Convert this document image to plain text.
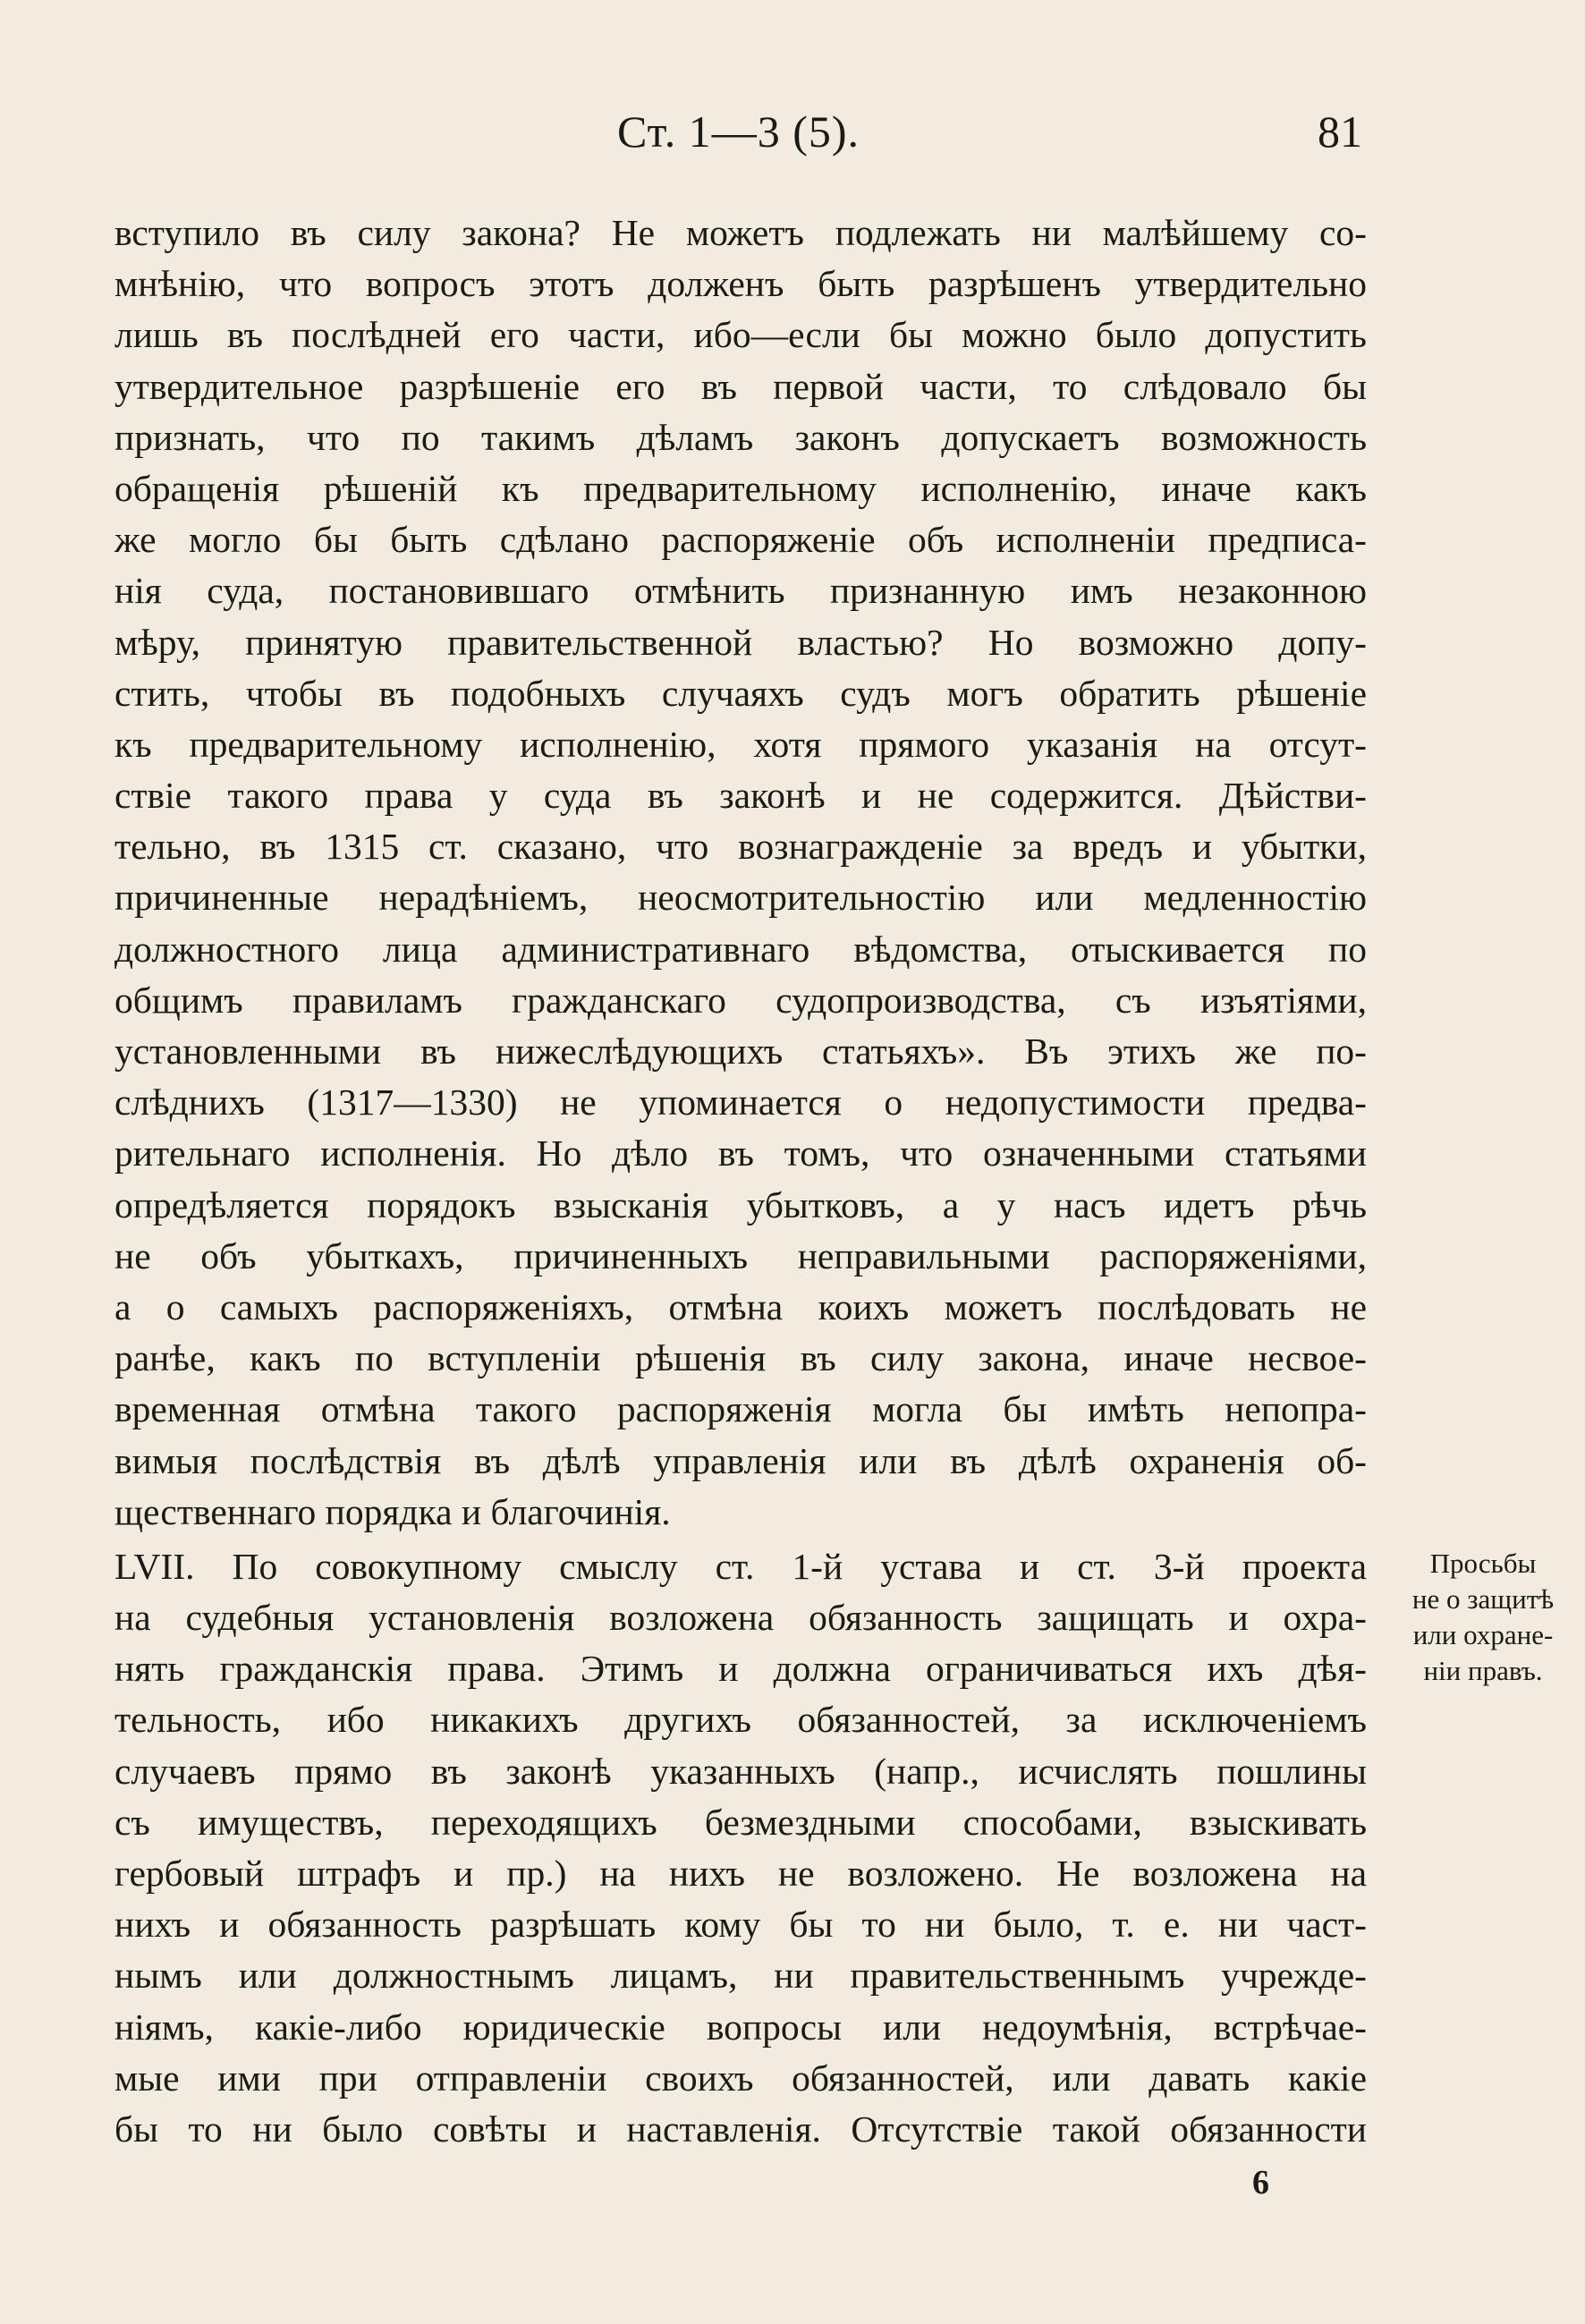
Ст. 1—3 (5).	81
вступило въ силу закона? Не можетъ подлежать ни малѣйшему со-
мнѣнію, что вопросъ этотъ долженъ быть разрѣшенъ утвердительно
лишь въ послѣдней его части, ибо—если бы можно было допустить
утвердительное разрѣшеніе его въ первой части, то слѣдовало бы
признать, что по такимъ дѣламъ законъ допускаетъ возможность
обращенія рѣшеній къ предварительному исполненію, иначе какъ
же могло бы быть сдѣлано распоряженіе объ исполненіи предписа-
нія суда, постановившаго отмѣнить признанную имъ незаконною
мѣру, принятую правительственной властью? Но возможно допу-
стить, чтобы въ подобныхъ случаяхъ судъ могъ обратить рѣшеніе
къ предварительному исполненію, хотя прямого указанія на отсут-
ствіе такого права у суда въ законѣ и не содержится. Дѣйстви-
тельно, въ 1315 ст. сказано, что вознагражденіе за вредъ и убытки,
причиненные нерадѣніемъ, неосмотрительностію или медленностію
должностного лица административнаго вѣдомства, отыскивается по
общимъ правиламъ гражданскаго судопроизводства, съ изъятіями,
установленными въ нижеслѣдующихъ статьяхъ». Въ этихъ же по-
слѣднихъ (1317—1330) не упоминается о недопустимости предва-
рительнаго исполненія. Но дѣло въ томъ, что означенными статьями
опредѣляется порядокъ взысканія убытковъ, а у насъ идетъ рѣчь
не объ убыткахъ, причиненныхъ неправильными распоряженіями,
а о самыхъ распоряженіяхъ, отмѣна коихъ можетъ послѣдовать не
ранѣе, какъ по вступленіи рѣшенія въ силу закона, иначе несвое-
временная отмѣна такого распоряженія могла бы имѣть непопра-
вимыя послѣдствія въ дѣлѣ управленія или въ дѣлѣ охраненія об-
щественнаго порядка и благочинія.
LVII. По совокупному смыслу ст. 1-й устава и ст. 3-й проекта
на судебныя установленія возложена обязанность защищать и охра-
нять гражданскія права. Этимъ и должна ограничиваться ихъ дѣя-
тельность, ибо никакихъ другихъ обязанностей, за исключеніемъ
случаевъ прямо въ законѣ указанныхъ (напр., исчислять пошлины
съ имуществъ, переходящихъ безмездными способами, взыскивать
гербовый штрафъ и пр.) на нихъ не возложено. Не возложена на
нихъ и обязанность разрѣшать кому бы то ни было, т. е. ни част-
нымъ или должностнымъ лицамъ, ни правительственнымъ учрежде-
ніямъ, какіе-либо юридическіе вопросы или недоумѣнія, встрѣчае-
мые ими при отправленіи своихъ обязанностей, или давать какіе
бы то ни было совѣты и наставленія. Отсутствіе такой обязанности
Просьбы
не о защитѣ
или охране-
ніи правъ.
6
